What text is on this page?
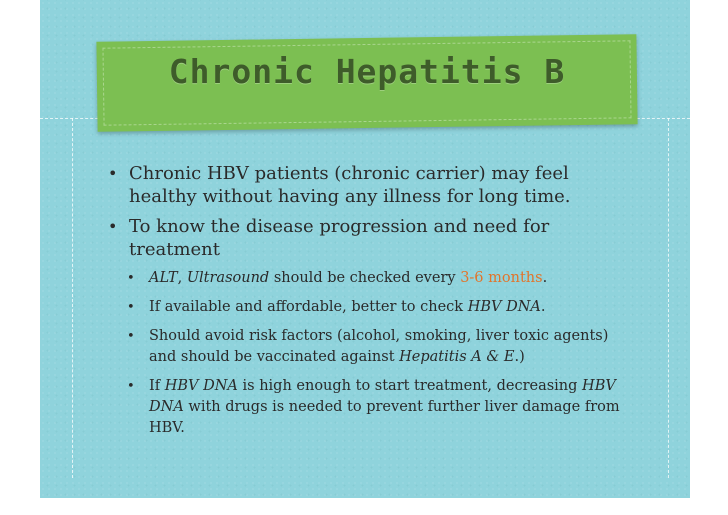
Chronic Hepatitis B
• Chronic HBV patients (chronic carrier) may feel healthy without having any illness for long time.
• To know the disease progression and need for treatment
• ALT, Ultrasound should be checked every 3-6 months.
• If available and affordable, better to check HBV DNA.
• Should avoid risk factors (alcohol, smoking, liver toxic agents) and should be vaccinated against Hepatitis A & E.)
• If HBV DNA is high enough to start treatment, decreasing HBV DNA with drugs is needed to prevent further liver damage from HBV.
